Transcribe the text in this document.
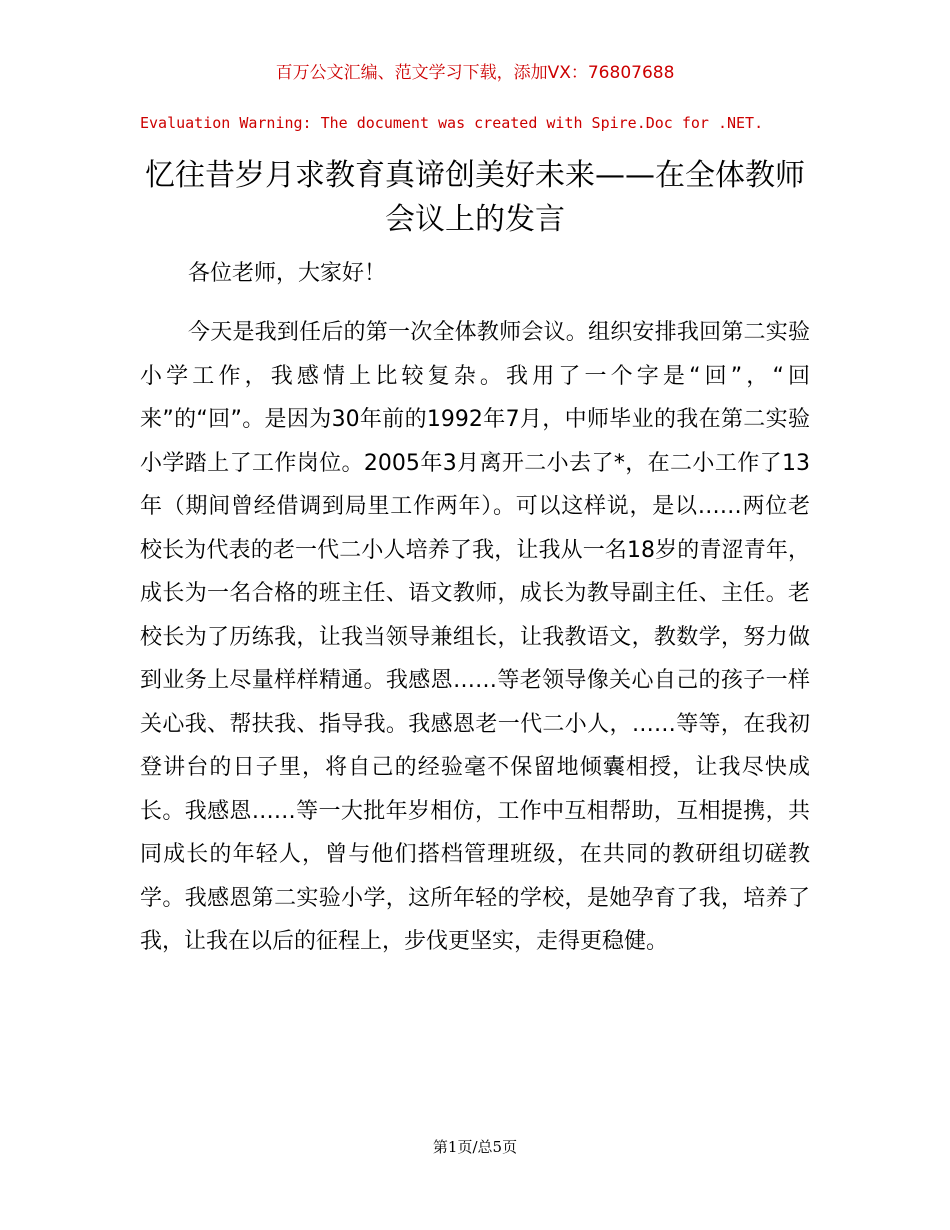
百万公文汇编、范文学习下载，添加VX：76807688
Evaluation Warning: The document was created with Spire.Doc for .NET.
忆往昔岁月求教育真谛创美好未来——在全体教师会议上的发言

各位老师，大家好！

今天是我到任后的第一次全体教师会议。组织安排我回第二实验小学工作，我感情上比较复杂。我用了一个字是“回”，“回来”的“回”。是因为30年前的1992年7月，中师毕业的我在第二实验小学踏上了工作岗位。2005年3月离开二小去了*，在二小工作了13年（期间曾经借调到局里工作两年）。可以这样说，是以……两位老校长为代表的老一代二小人培养了我，让我从一名18岁的青涩青年，成长为一名合格的班主任、语文教师，成长为教导副主任、主任。老校长为了历练我，让我当领导兼组长，让我教语文，教数学，努力做到业务上尽量样样精通。我感恩……等老领导像关心自己的孩子一样关心我、帮扶我、指导我。我感恩老一代二小人，……等等，在我初登讲台的日子里，将自己的经验毫不保留地倾囊相授，让我尽快成长。我感恩……等一大批年岁相仿，工作中互相帮助，互相提携，共同成长的年轻人，曾与他们搭档管理班级，在共同的教研组切磋教学。我感恩第二实验小学，这所年轻的学校，是她孕育了我，培养了我，让我在以后的征程上，步伐更坚实，走得更稳健。

第1页/总5页
